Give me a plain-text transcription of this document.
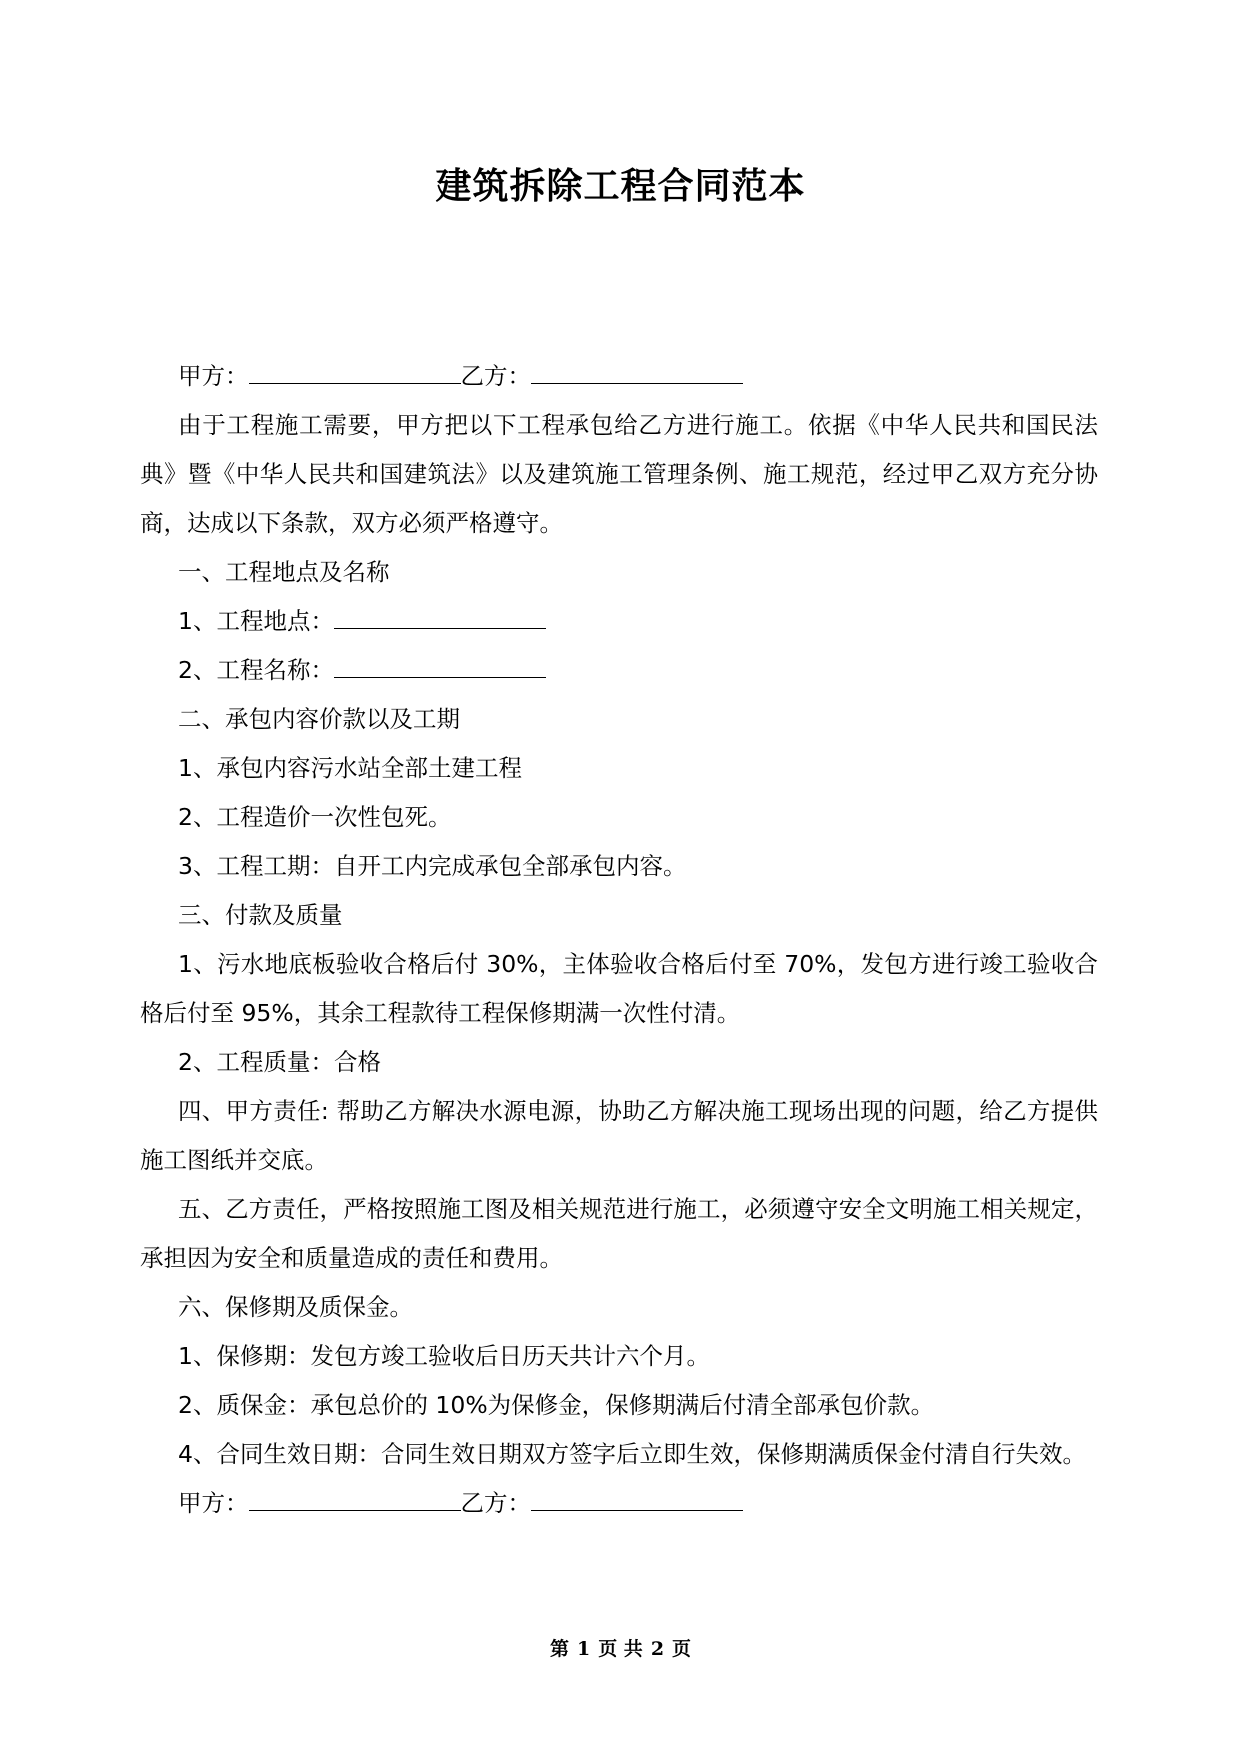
建筑拆除工程合同范本

甲方：	乙方：

由于工程施工需要，甲方把以下工程承包给乙方进行施工。依据《中华人民共和国民法典》暨《中华人民共和国建筑法》以及建筑施工管理条例、施工规范，经过甲乙双方充分协商，达成以下条款，双方必须严格遵守。

一、工程地点及名称

1、工程地点：

2、工程名称：

二、承包内容价款以及工期

1、承包内容污水站全部土建工程

2、工程造价一次性包死。

3、工程工期：自开工内完成承包全部承包内容。

三、付款及质量

1、污水地底板验收合格后付 30%，主体验收合格后付至 70%，发包方进行竣工验收合格后付至 95%，其余工程款待工程保修期满一次性付清。

2、工程质量：合格

四、甲方责任: 帮助乙方解决水源电源，协助乙方解决施工现场出现的问题，给乙方提供施工图纸并交底。

五、乙方责任，严格按照施工图及相关规范进行施工，必须遵守安全文明施工相关规定，承担因为安全和质量造成的责任和费用。

六、保修期及质保金。

1、保修期：发包方竣工验收后日历天共计六个月。

2、质保金：承包总价的 10%为保修金，保修期满后付清全部承包价款。

4、合同生效日期：合同生效日期双方签字后立即生效，保修期满质保金付清自行失效。

甲方：	乙方：

第 1 页 共 2 页
